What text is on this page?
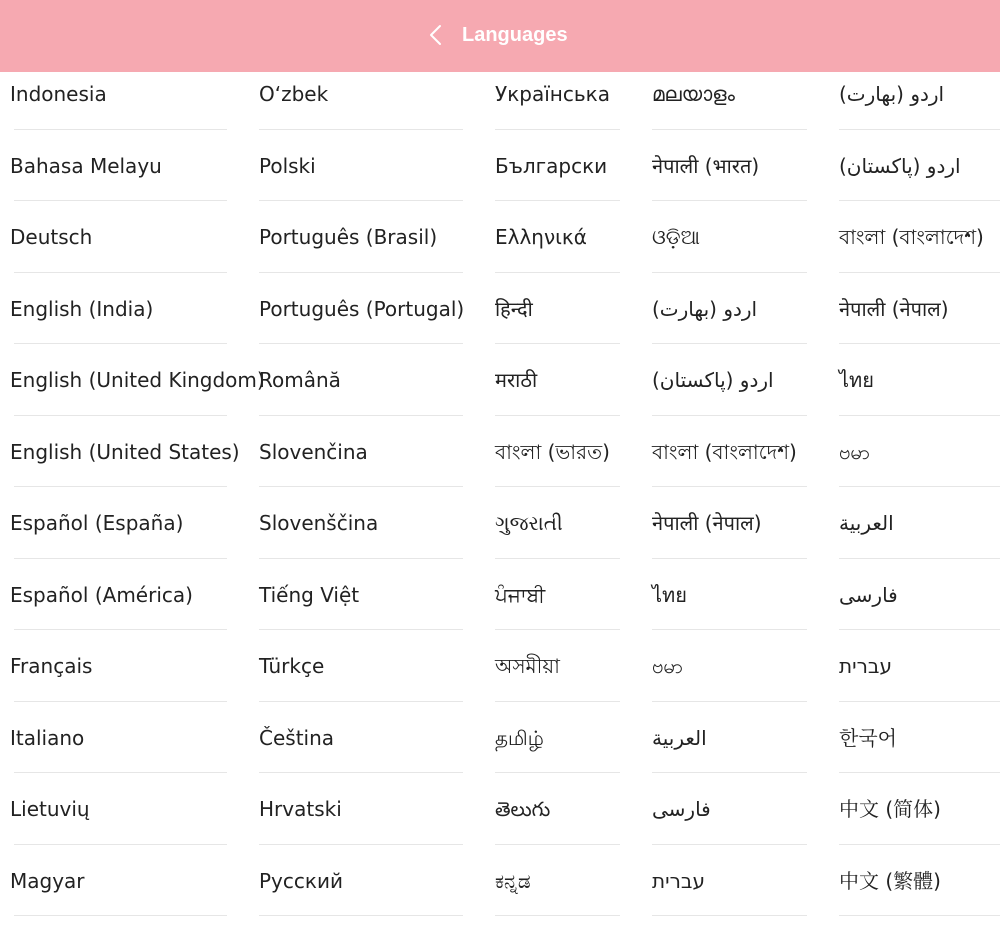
Languages
Indonesia
Bahasa Melayu
Deutsch
English (India)
English (United Kingdom)
English (United States)
Español (España)
Español (América)
Français
Italiano
Lietuvių
Magyar
O‘zbek
Polski
Português (Brasil)
Português (Portugal)
Română
Slovenčina
Slovenščina
Tiếng Việt
Türkçe
Čeština
Hrvatski
Русский
Українська
Български
Ελληνικά
हिन्दी
मराठी
বাংলা (ভারত)
ગુજરાતી
ਪੰਜਾਬੀ
অসমীয়া
தமிழ்
తెలుగు
ಕನ್ನಡ
മലയാളം
नेपाली (भारत)
ଓଡ଼ିଆ
اردو (بھارت)
اردو (پاکستان)
বাংলা (বাংলাদেশ)
नेपाली (नेपाल)
ไทย
ဗမာ
العربية
فارسی
עברית
اردو (بھارت)
اردو (پاکستان)
বাংলা (বাংলাদেশ)
नेपाली (नेपाल)
ไทย
ဗမာ
العربية
فارسی
עברית
한국어
中文 (简体)
中文 (繁體)
